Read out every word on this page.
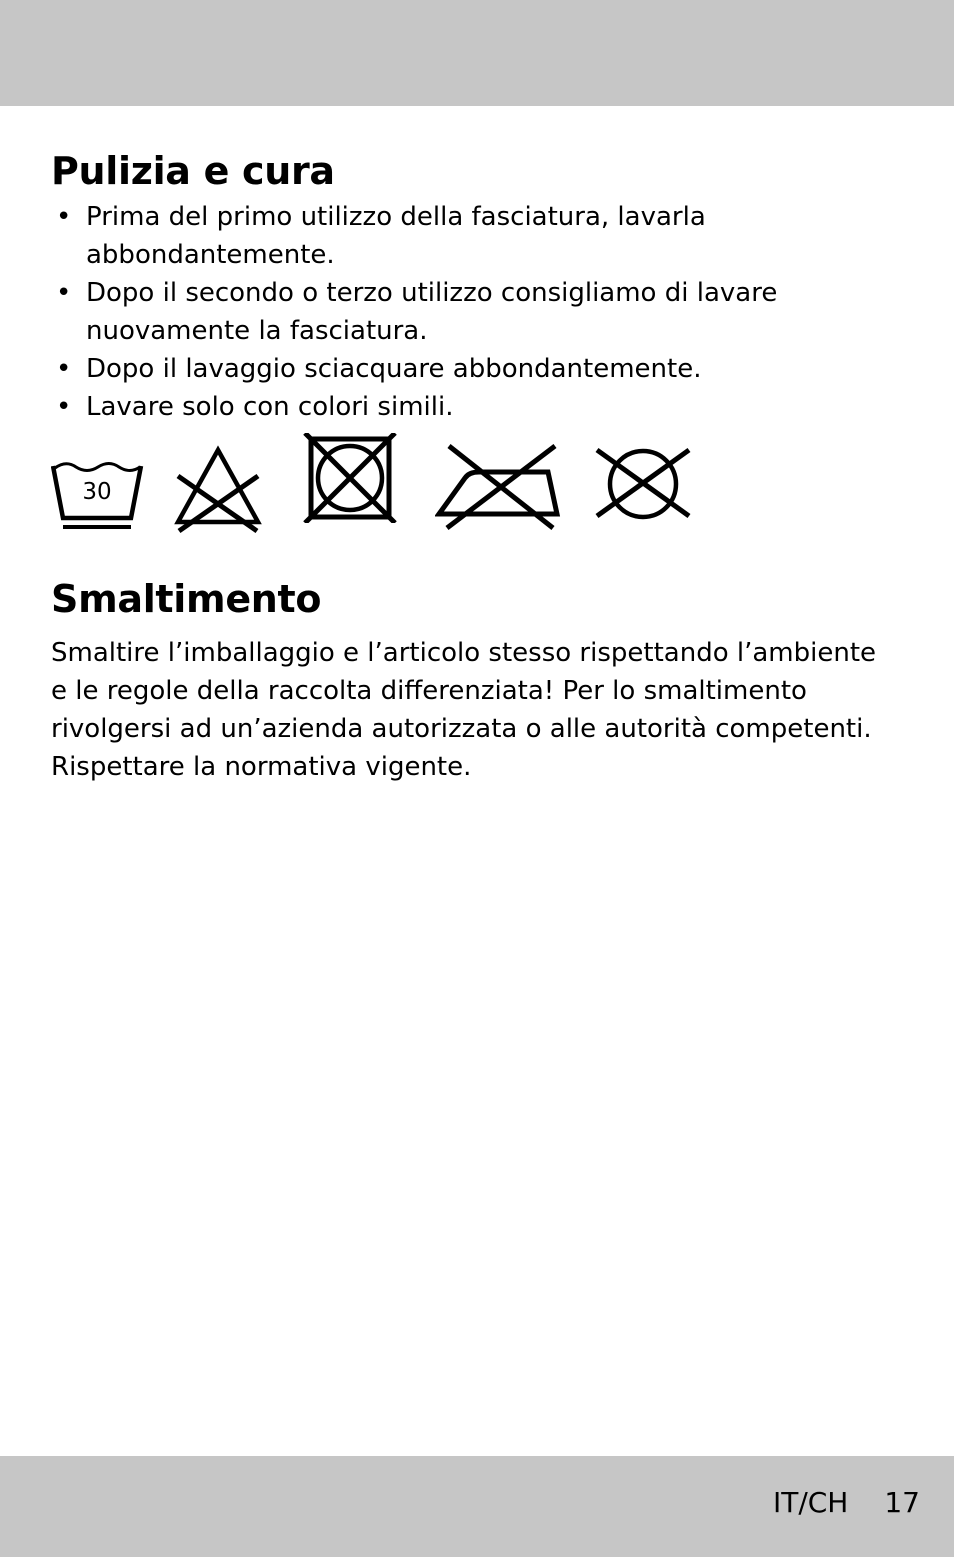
Pulizia e cura
• Prima del primo utilizzo della fasciatura, lavarla abbondantemente.
• Dopo il secondo o terzo utilizzo consigliamo di lavare nuovamente la fasciatura.
• Dopo il lavaggio sciacquare abbondantemente.
• Lavare solo con colori simili.
30
Smaltimento

Smaltire l’imballaggio e l’articolo stesso rispettando l’ambiente e le regole della raccolta differenziata! Per lo smaltimento rivolgersi ad un’azienda autorizzata o alle autorità competenti. Rispettare la normativa vigente.

IT/CH 17
